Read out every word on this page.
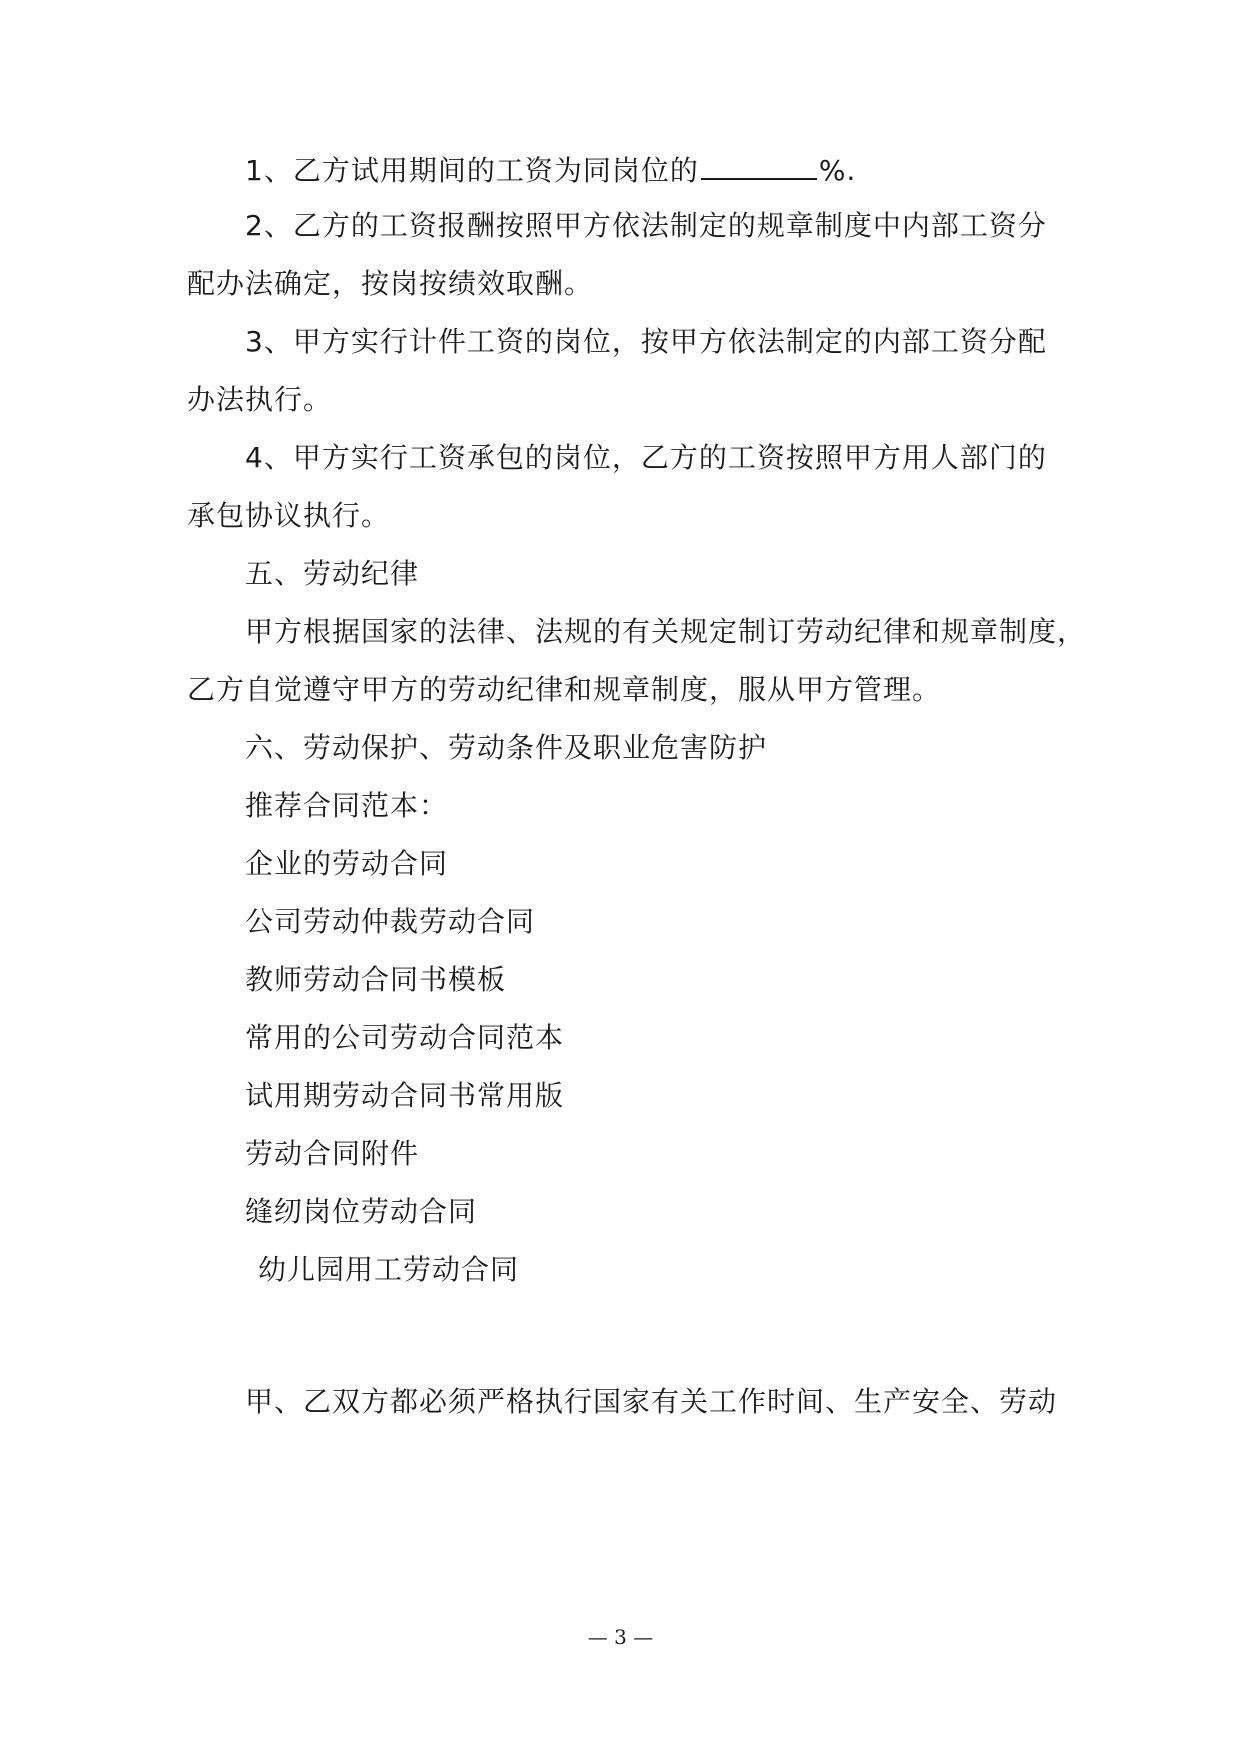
1、乙方试用期间的工资为同岗位的	%.
2、乙方的工资报酬按照甲方依法制定的规章制度中内部工资分
配办法确定，按岗按绩效取酬。
3、甲方实行计件工资的岗位，按甲方依法制定的内部工资分配
办法执行。
4、甲方实行工资承包的岗位，乙方的工资按照甲方用人部门的
承包协议执行。
五、劳动纪律
甲方根据国家的法律、法规的有关规定制订劳动纪律和规章制度，
乙方自觉遵守甲方的劳动纪律和规章制度，服从甲方管理。
六、劳动保护、劳动条件及职业危害防护
推荐合同范本：
企业的劳动合同
公司劳动仲裁劳动合同
教师劳动合同书模板
常用的公司劳动合同范本
试用期劳动合同书常用版
劳动合同附件
缝纫岗位劳动合同
幼儿园用工劳动合同
甲、乙双方都必须严格执行国家有关工作时间、生产安全、劳动
— 3 —
